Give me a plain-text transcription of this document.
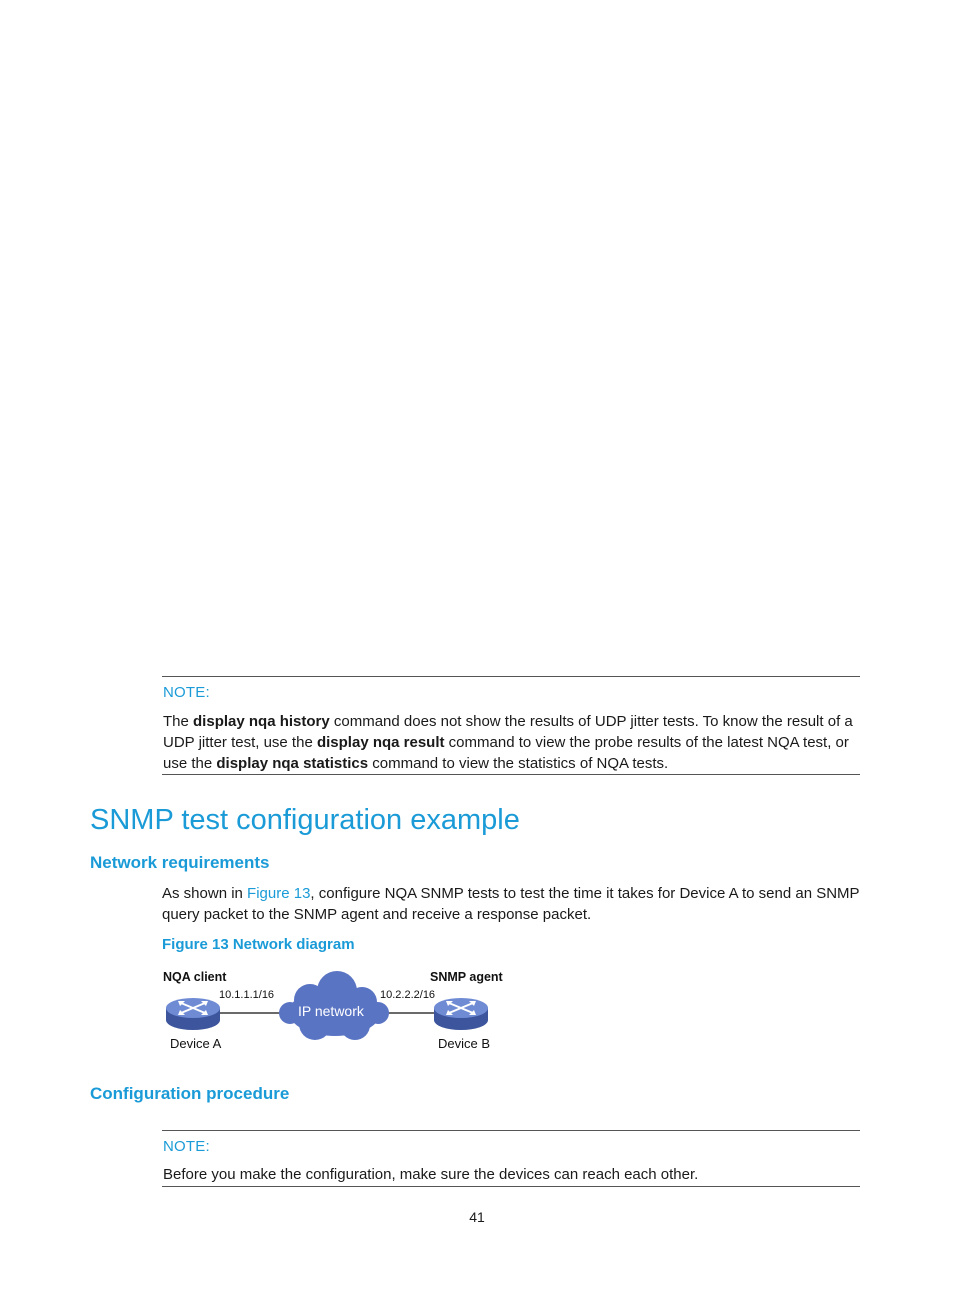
NOTE:
The display nqa history command does not show the results of UDP jitter tests. To know the result of a UDP jitter test, use the display nqa result command to view the probe results of the latest NQA test, or use the display nqa statistics command to view the statistics of NQA tests.
SNMP test configuration example
Network requirements
As shown in Figure 13, configure NQA SNMP tests to test the time it takes for Device A to send an SNMP query packet to the SNMP agent and receive a response packet.
Figure 13 Network diagram
NQA client	SNMP agent
10.1.1.1/16	10.2.2.2/16
IP network
Device A	Device B
Configuration procedure
NOTE:
Before you make the configuration, make sure the devices can reach each other.
41
